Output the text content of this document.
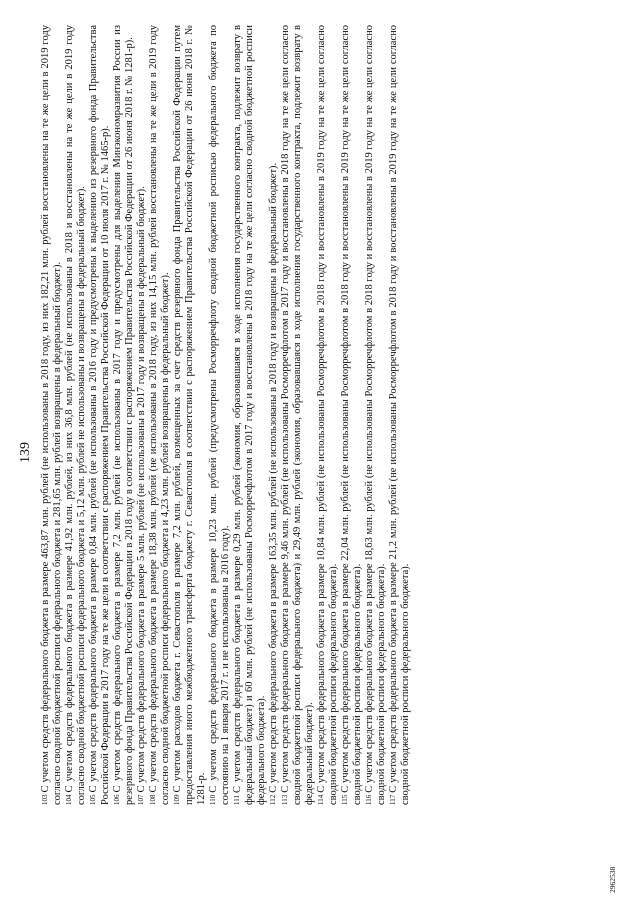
139

$^{103}$С учетом средств федерального бюджета в размере 463,87 млн. рублей (не использованы в 2018 году, из них 182,21 млн. рублей восстановлены на те же цели в 2019 году согласно сводной бюджетной росписи федерального бюджета и 281,65 млн. рублей возвращены в федеральный бюджет). $^{104}$С учетом средств федерального бюджета в размере 41,92 млн. рублей, из них 36,8 млн. рублей (не использованы в 2018 и восстановлены на те же цели в 2019 году согласно сводной бюджетной росписи федерального бюджета и 5,12 млн. рублей не использованы и возвращены в федеральный бюджет). $^{105}$С учетом средств федерального бюджета в размере 0,84 млн. рублей (не использованы в 2016 году и предусмотрены к выделению из резервного фонда Правительства Российской Федерации в 2017 году на те же цели в соответствии с распоряжением Правительства Российской Федерации от 10 июля 2017 г. № 1465-р). $^{106}$С учетом средств федерального бюджета в размере 7,2 млн. рублей (не использованы в 2017 году и предусмотрены для выделения Минэкономразвития России из резервного фонда Правительства Российской Федерации в 2018 году в соответствии с распоряжением Правительства Российской Федерации от 26 июня 2018 г. № 1281-р). $^{107}$С учетом средств федерального бюджета в размере 5 млн. рублей (не использованы в 2017 году и возвращены в федеральный бюджет).

$^{108}$С учетом средств федерального бюджета в размере 18,38 млн. рублей (не использованы в 2018 году, из них 14,15 млн. рублей восстановлены на те же цели в 2019 году согласно сводной бюджетной росписи федерального бюджета и 4,23 млн. рублей возвращены в федеральный бюджет). $^{109}$С учетом расходов бюджета г. Севастополя в размере 7,2 млн. рублей, возмещенных за счет средств резервного фонда Правительства Российской Федерации путем предоставления иного межбюджетного трансферта бюджету г. Севастополя в соответствии с распоряжением Правительства Российской Федерации от 26 июня 2018 г. № 1281-р. $^{110}$С учетом средств федерального бюджета в размере 10,23 млн. рублей (предусмотрены Росморречфлоту сводной бюджетной росписью федерального бюджета по состоянию на 1 января 2017 г. и не использованы в 2016 году). $^{111}$С учетом средств федерального бюджета в размере 0,29 млн. рублей (экономия, образовавшаяся в ходе исполнения государственного контракта, подлежит возврату в федеральный бюджет) и 60 млн. рублей (не использованы Росморречфлотом в 2017 году и восстановлены в 2018 году на те же цели согласно сводной бюджетной росписи федерального бюджета). $^{112}$С учетом средств федерального бюджета в размере 163,35 млн. рублей (не использованы в 2018 году и возвращены в федеральный бюджет).

$^{113}$С учетом средств федерального бюджета в размере 9,46 млн. рублей (не использованы Росморречфлотом в 2017 году и восстановлены в 2018 году на те же цели согласно сводной бюджетной росписи федерального бюджета) и 29,49 млн. рублей (экономия, образовавшаяся в ходе исполнения государственного контракта, подлежит возврату в федеральный бюджет). $^{114}$С учетом средств федерального бюджета в размере 10,84 млн. рублей (не использованы Росморречфлотом в 2018 году и восстановлены в 2019 году на те же цели согласно сводной бюджетной росписи федерального бюджета). $^{115}$С учетом средств федерального бюджета в размере 22,04 млн. рублей (не использованы Росморречфлотом в 2018 году и восстановлены в 2019 году на те же цели согласно сводной бюджетной росписи федерального бюджета). $^{116}$С учетом средств федерального бюджета в размере 18,63 млн. рублей (не использованы Росморречфлотом в 2018 году и восстановлены в 2019 году на те же цели согласно сводной бюджетной росписи федерального бюджета). $^{117}$С учетом средств федерального бюджета в размере 21,2 млн. рублей (не использованы Росморречфлотом в 2018 году и восстановлены в 2019 году на те же цели согласно сводной бюджетной росписи федерального бюджета).

2962538
